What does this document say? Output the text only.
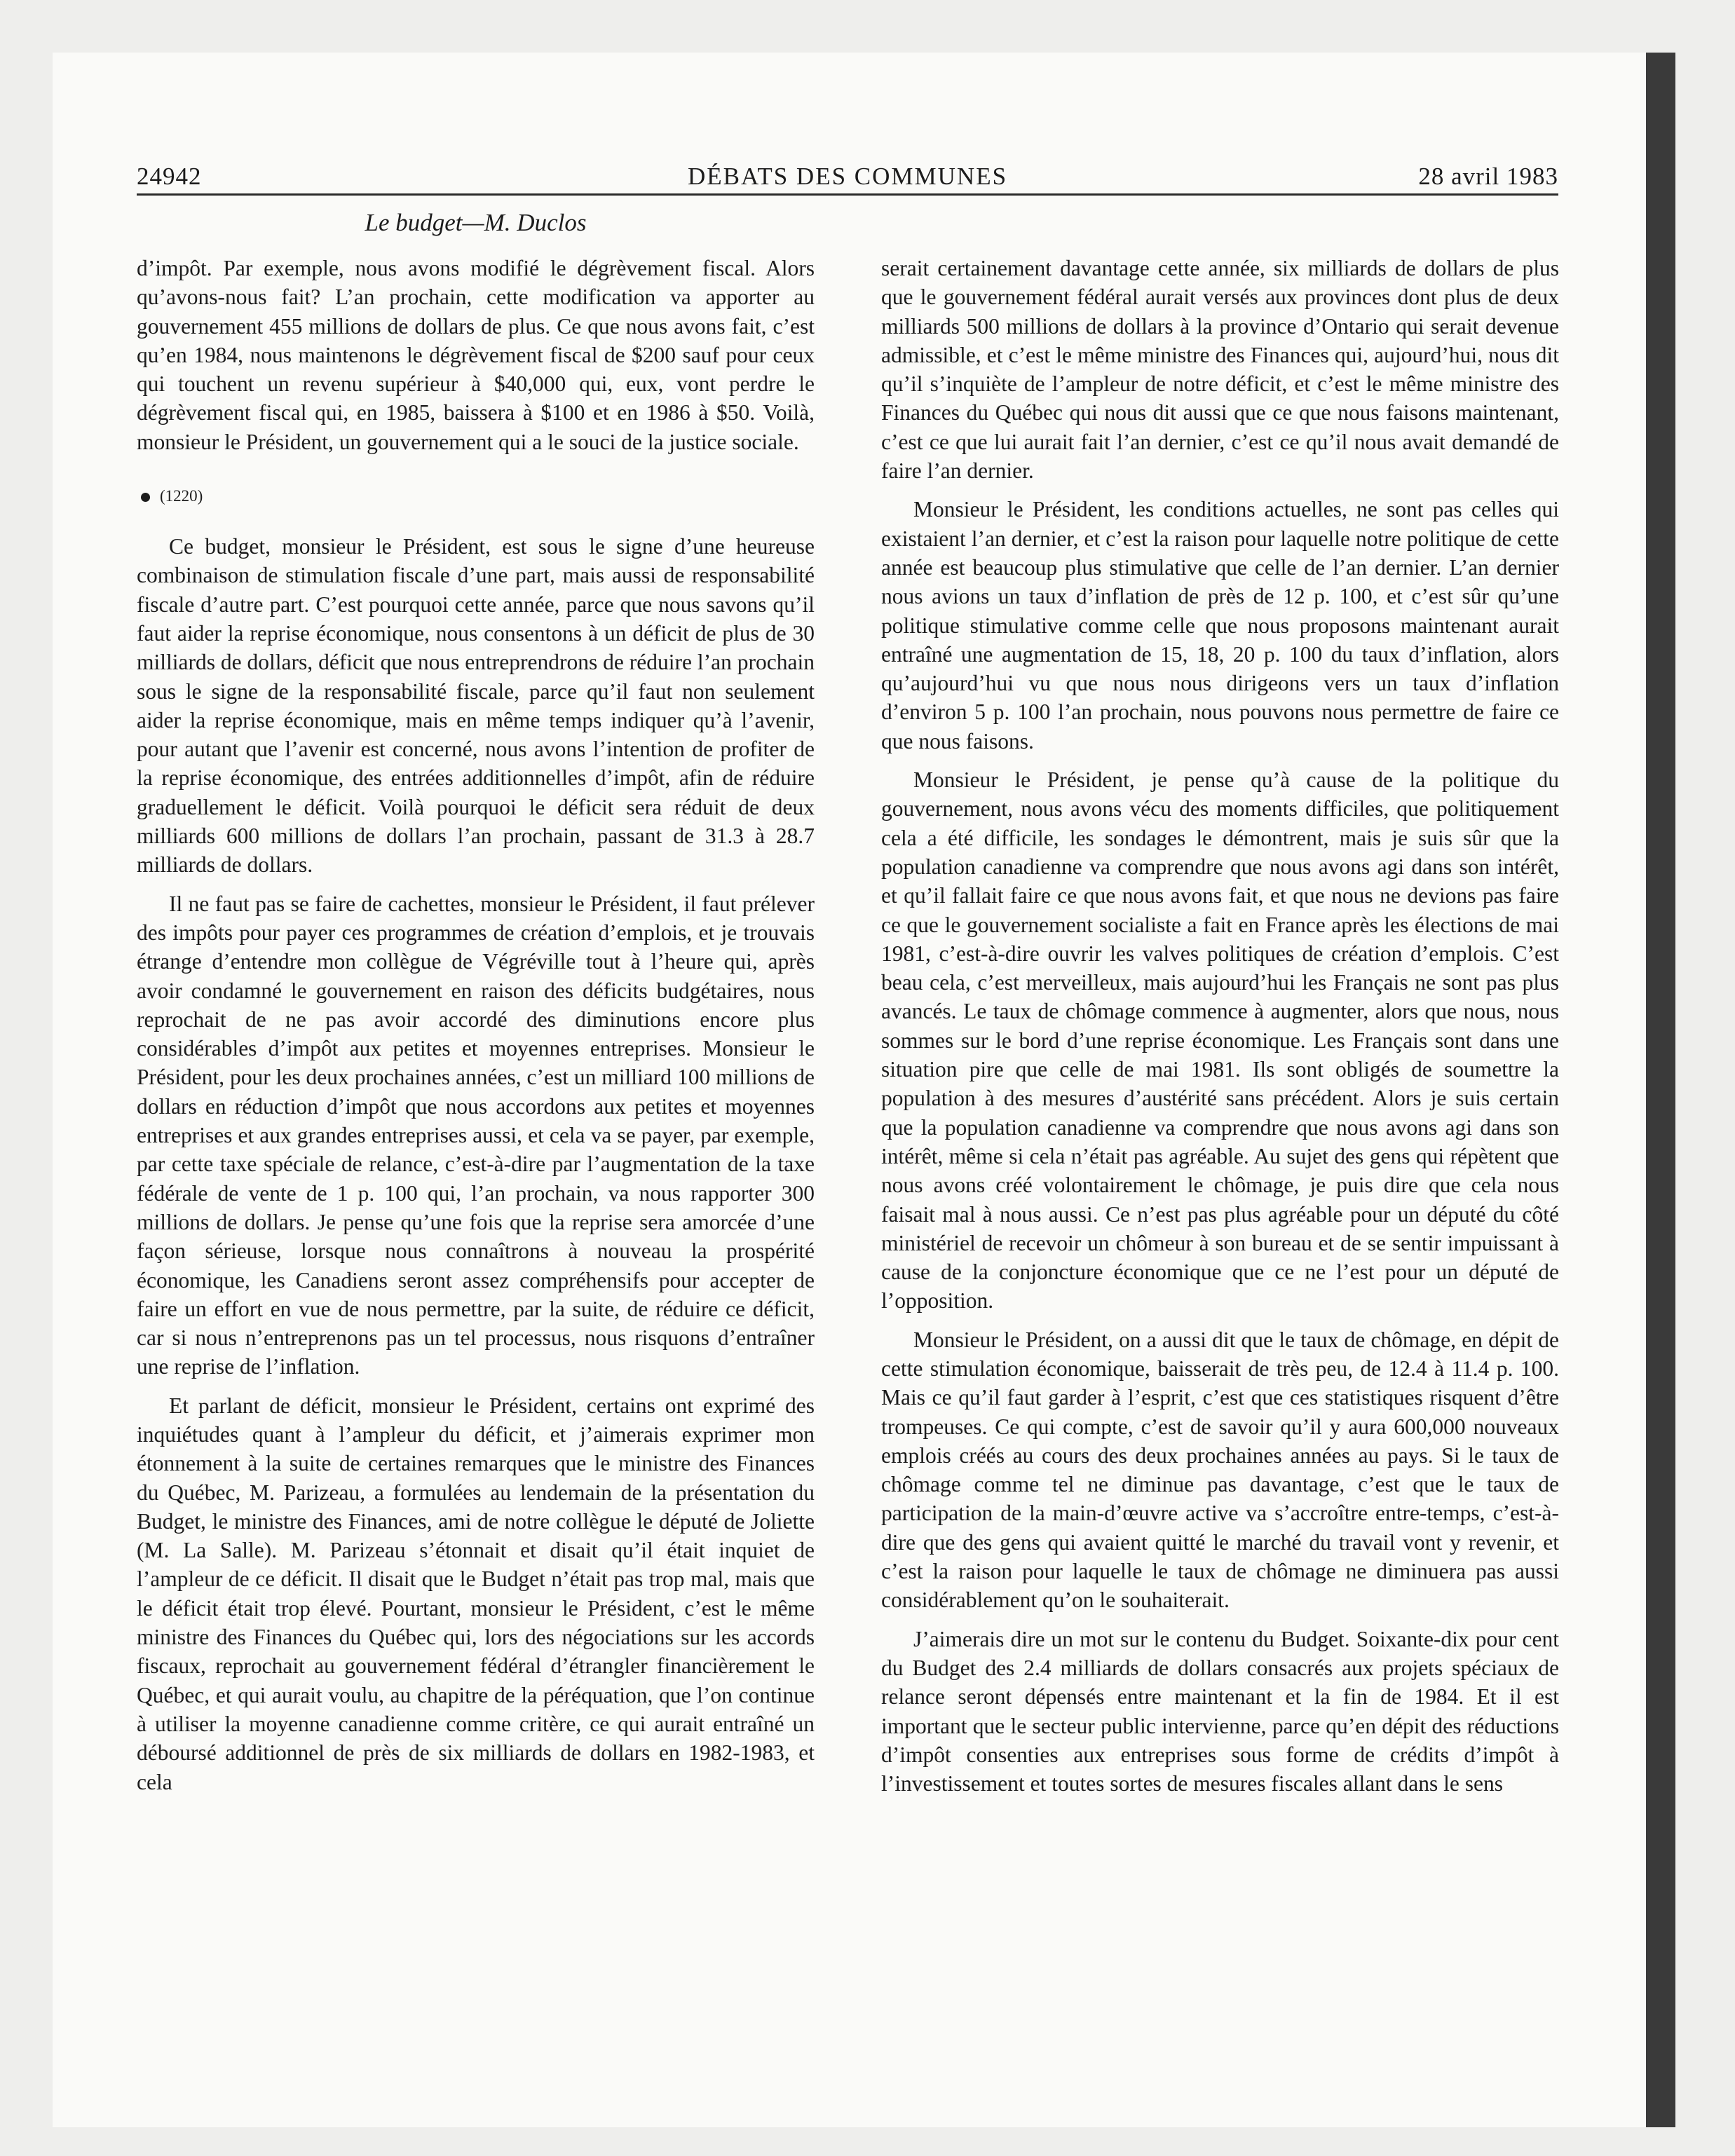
24942	DÉBATS DES COMMUNES	28 avril 1983
Le budget—M. Duclos

d’impôt. Par exemple, nous avons modifié le dégrèvement fiscal. Alors qu’avons-nous fait? L’an prochain, cette modification va apporter au gouvernement 455 millions de dollars de plus. Ce que nous avons fait, c’est qu’en 1984, nous maintenons le dégrèvement fiscal de $200 sauf pour ceux qui touchent un revenu supérieur à $40,000 qui, eux, vont perdre le dégrèvement fiscal qui, en 1985, baissera à $100 et en 1986 à $50. Voilà, monsieur le Président, un gouvernement qui a le souci de la justice sociale.

(1220)

Ce budget, monsieur le Président, est sous le signe d’une heureuse combinaison de stimulation fiscale d’une part, mais aussi de responsabilité fiscale d’autre part. C’est pourquoi cette année, parce que nous savons qu’il faut aider la reprise économique, nous consentons à un déficit de plus de 30 milliards de dollars, déficit que nous entreprendrons de réduire l’an prochain sous le signe de la responsabilité fiscale, parce qu’il faut non seulement aider la reprise économique, mais en même temps indiquer qu’à l’avenir, pour autant que l’avenir est concerné, nous avons l’intention de profiter de la reprise économique, des entrées additionnelles d’impôt, afin de réduire graduellement le déficit. Voilà pourquoi le déficit sera réduit de deux milliards 600 millions de dollars l’an prochain, passant de 31.3 à 28.7 milliards de dollars.

Il ne faut pas se faire de cachettes, monsieur le Président, il faut prélever des impôts pour payer ces programmes de création d’emplois, et je trouvais étrange d’entendre mon collègue de Végréville tout à l’heure qui, après avoir condamné le gouvernement en raison des déficits budgétaires, nous reprochait de ne pas avoir accordé des diminutions encore plus considérables d’impôt aux petites et moyennes entreprises. Monsieur le Président, pour les deux prochaines années, c’est un milliard 100 millions de dollars en réduction d’impôt que nous accordons aux petites et moyennes entreprises et aux grandes entreprises aussi, et cela va se payer, par exemple, par cette taxe spéciale de relance, c’est-à-dire par l’augmentation de la taxe fédérale de vente de 1 p. 100 qui, l’an prochain, va nous rapporter 300 millions de dollars. Je pense qu’une fois que la reprise sera amorcée d’une façon sérieuse, lorsque nous connaîtrons à nouveau la prospérité économique, les Canadiens seront assez compréhensifs pour accepter de faire un effort en vue de nous permettre, par la suite, de réduire ce déficit, car si nous n’entreprenons pas un tel processus, nous risquons d’entraîner une reprise de l’inflation.

Et parlant de déficit, monsieur le Président, certains ont exprimé des inquiétudes quant à l’ampleur du déficit, et j’aimerais exprimer mon étonnement à la suite de certaines remarques que le ministre des Finances du Québec, M. Parizeau, a formulées au lendemain de la présentation du Budget, le ministre des Finances, ami de notre collègue le député de Joliette (M. La Salle). M. Parizeau s’étonnait et disait qu’il était inquiet de l’ampleur de ce déficit. Il disait que le Budget n’était pas trop mal, mais que le déficit était trop élevé. Pourtant, monsieur le Président, c’est le même ministre des Finances du Québec qui, lors des négociations sur les accords fiscaux, reprochait au gouvernement fédéral d’étrangler financièrement le Québec, et qui aurait voulu, au chapitre de la péréquation, que l’on continue à utiliser la moyenne canadienne comme critère, ce qui aurait entraîné un déboursé additionnel de près de six milliards de dollars en 1982-1983, et cela

serait certainement davantage cette année, six milliards de dollars de plus que le gouvernement fédéral aurait versés aux provinces dont plus de deux milliards 500 millions de dollars à la province d’Ontario qui serait devenue admissible, et c’est le même ministre des Finances qui, aujourd’hui, nous dit qu’il s’inquiète de l’ampleur de notre déficit, et c’est le même ministre des Finances du Québec qui nous dit aussi que ce que nous faisons maintenant, c’est ce que lui aurait fait l’an dernier, c’est ce qu’il nous avait demandé de faire l’an dernier.

Monsieur le Président, les conditions actuelles, ne sont pas celles qui existaient l’an dernier, et c’est la raison pour laquelle notre politique de cette année est beaucoup plus stimulative que celle de l’an dernier. L’an dernier nous avions un taux d’inflation de près de 12 p. 100, et c’est sûr qu’une politique stimulative comme celle que nous proposons maintenant aurait entraîné une augmentation de 15, 18, 20 p. 100 du taux d’inflation, alors qu’aujourd’hui vu que nous nous dirigeons vers un taux d’inflation d’environ 5 p. 100 l’an prochain, nous pouvons nous permettre de faire ce que nous faisons.

Monsieur le Président, je pense qu’à cause de la politique du gouvernement, nous avons vécu des moments difficiles, que politiquement cela a été difficile, les sondages le démontrent, mais je suis sûr que la population canadienne va comprendre que nous avons agi dans son intérêt, et qu’il fallait faire ce que nous avons fait, et que nous ne devions pas faire ce que le gouvernement socialiste a fait en France après les élections de mai 1981, c’est-à-dire ouvrir les valves politiques de création d’emplois. C’est beau cela, c’est merveilleux, mais aujourd’hui les Français ne sont pas plus avancés. Le taux de chômage commence à augmenter, alors que nous, nous sommes sur le bord d’une reprise économique. Les Français sont dans une situation pire que celle de mai 1981. Ils sont obligés de soumettre la population à des mesures d’austérité sans précédent. Alors je suis certain que la population canadienne va comprendre que nous avons agi dans son intérêt, même si cela n’était pas agréable. Au sujet des gens qui répètent que nous avons créé volontairement le chômage, je puis dire que cela nous faisait mal à nous aussi. Ce n’est pas plus agréable pour un député du côté ministériel de recevoir un chômeur à son bureau et de se sentir impuissant à cause de la conjoncture économique que ce ne l’est pour un député de l’opposition.

Monsieur le Président, on a aussi dit que le taux de chômage, en dépit de cette stimulation économique, baisserait de très peu, de 12.4 à 11.4 p. 100. Mais ce qu’il faut garder à l’esprit, c’est que ces statistiques risquent d’être trompeuses. Ce qui compte, c’est de savoir qu’il y aura 600,000 nouveaux emplois créés au cours des deux prochaines années au pays. Si le taux de chômage comme tel ne diminue pas davantage, c’est que le taux de participation de la main-d’œuvre active va s’accroître entre-temps, c’est-à-dire que des gens qui avaient quitté le marché du travail vont y revenir, et c’est la raison pour laquelle le taux de chômage ne diminuera pas aussi considérablement qu’on le souhaiterait.

J’aimerais dire un mot sur le contenu du Budget. Soixante-dix pour cent du Budget des 2.4 milliards de dollars consacrés aux projets spéciaux de relance seront dépensés entre maintenant et la fin de 1984. Et il est important que le secteur public intervienne, parce qu’en dépit des réductions d’impôt consenties aux entreprises sous forme de crédits d’impôt à l’investissement et toutes sortes de mesures fiscales allant dans le sens
